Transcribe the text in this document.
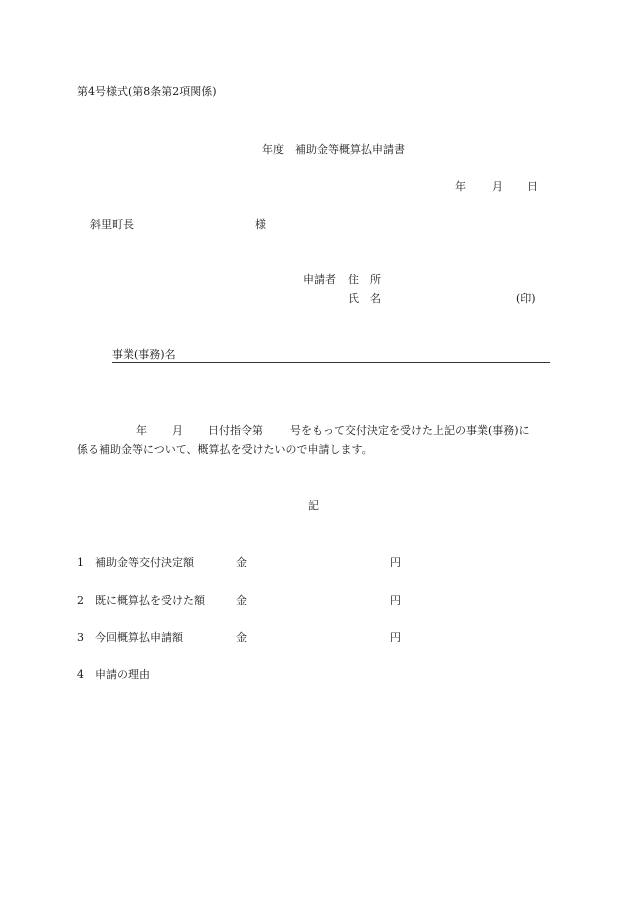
第4号様式(第8条第2項関係)
年度　補助金等概算払申請書
年 月 日
斜里町長	様
申請者 住　所
氏　名	(印)
事業(事務)名
年 月 日付指令第 号をもって交付決定を受けた上記の事業(事務)に
係る補助金等について、概算払を受けたいので申請します。
記
1 補助金等交付決定額	金	円
2 既に概算払を受けた額	金	円
3 今回概算払申請額	金	円
4 申請の理由
